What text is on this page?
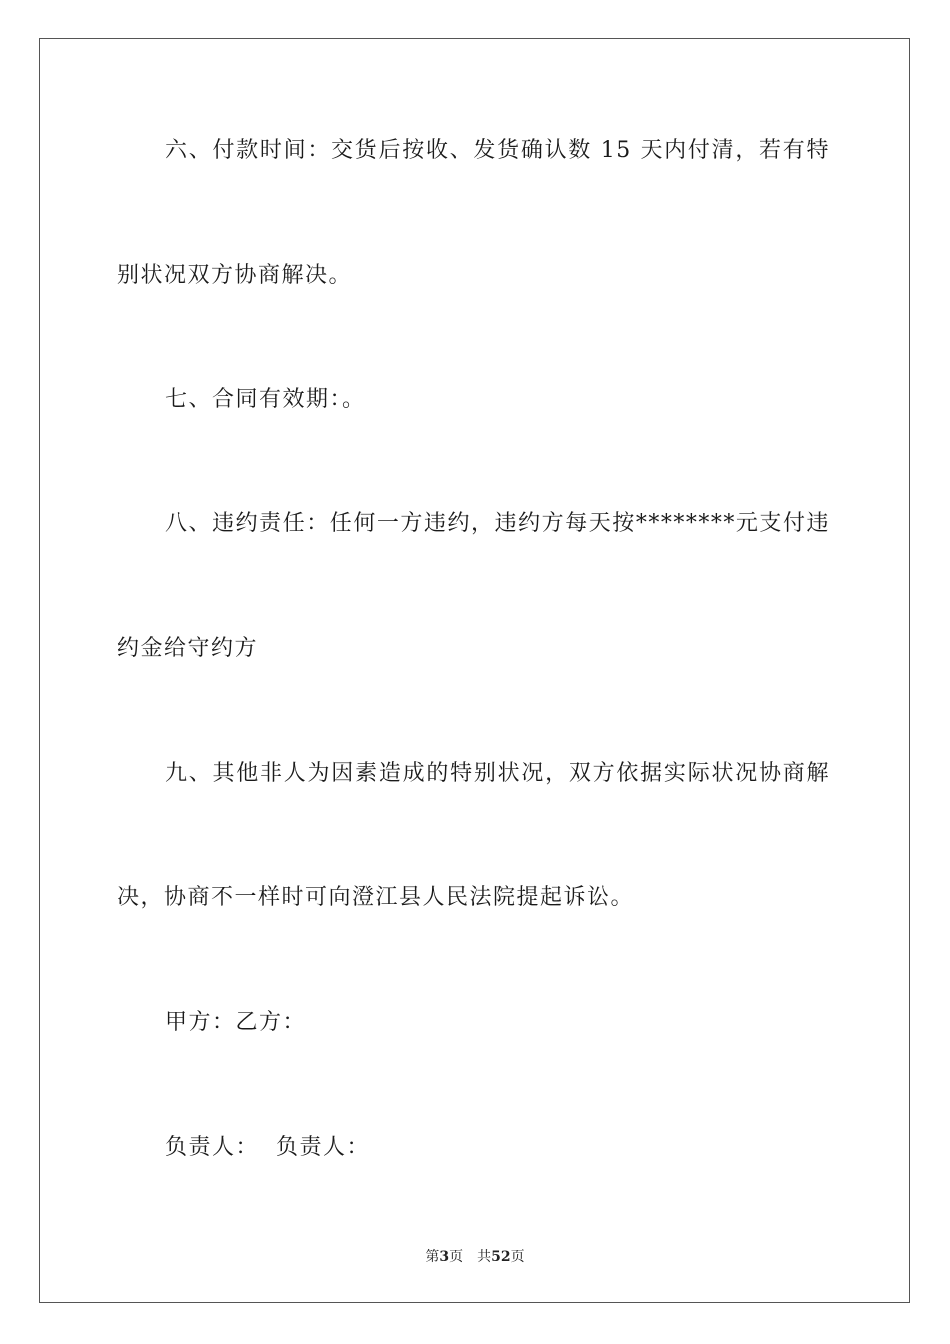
六、付款时间：交货后按收、发货确认数 15 天内付清，若有特
别状况双方协商解决。
七、合同有效期：。
八、违约责任：任何一方违约，违约方每天按********元支付违
约金给守约方
九、其他非人为因素造成的特别状况，双方依据实际状况协商解
决，协商不一样时可向澄江县人民法院提起诉讼。
甲方：乙方：
负责人：  负责人：
第3页 共52页
